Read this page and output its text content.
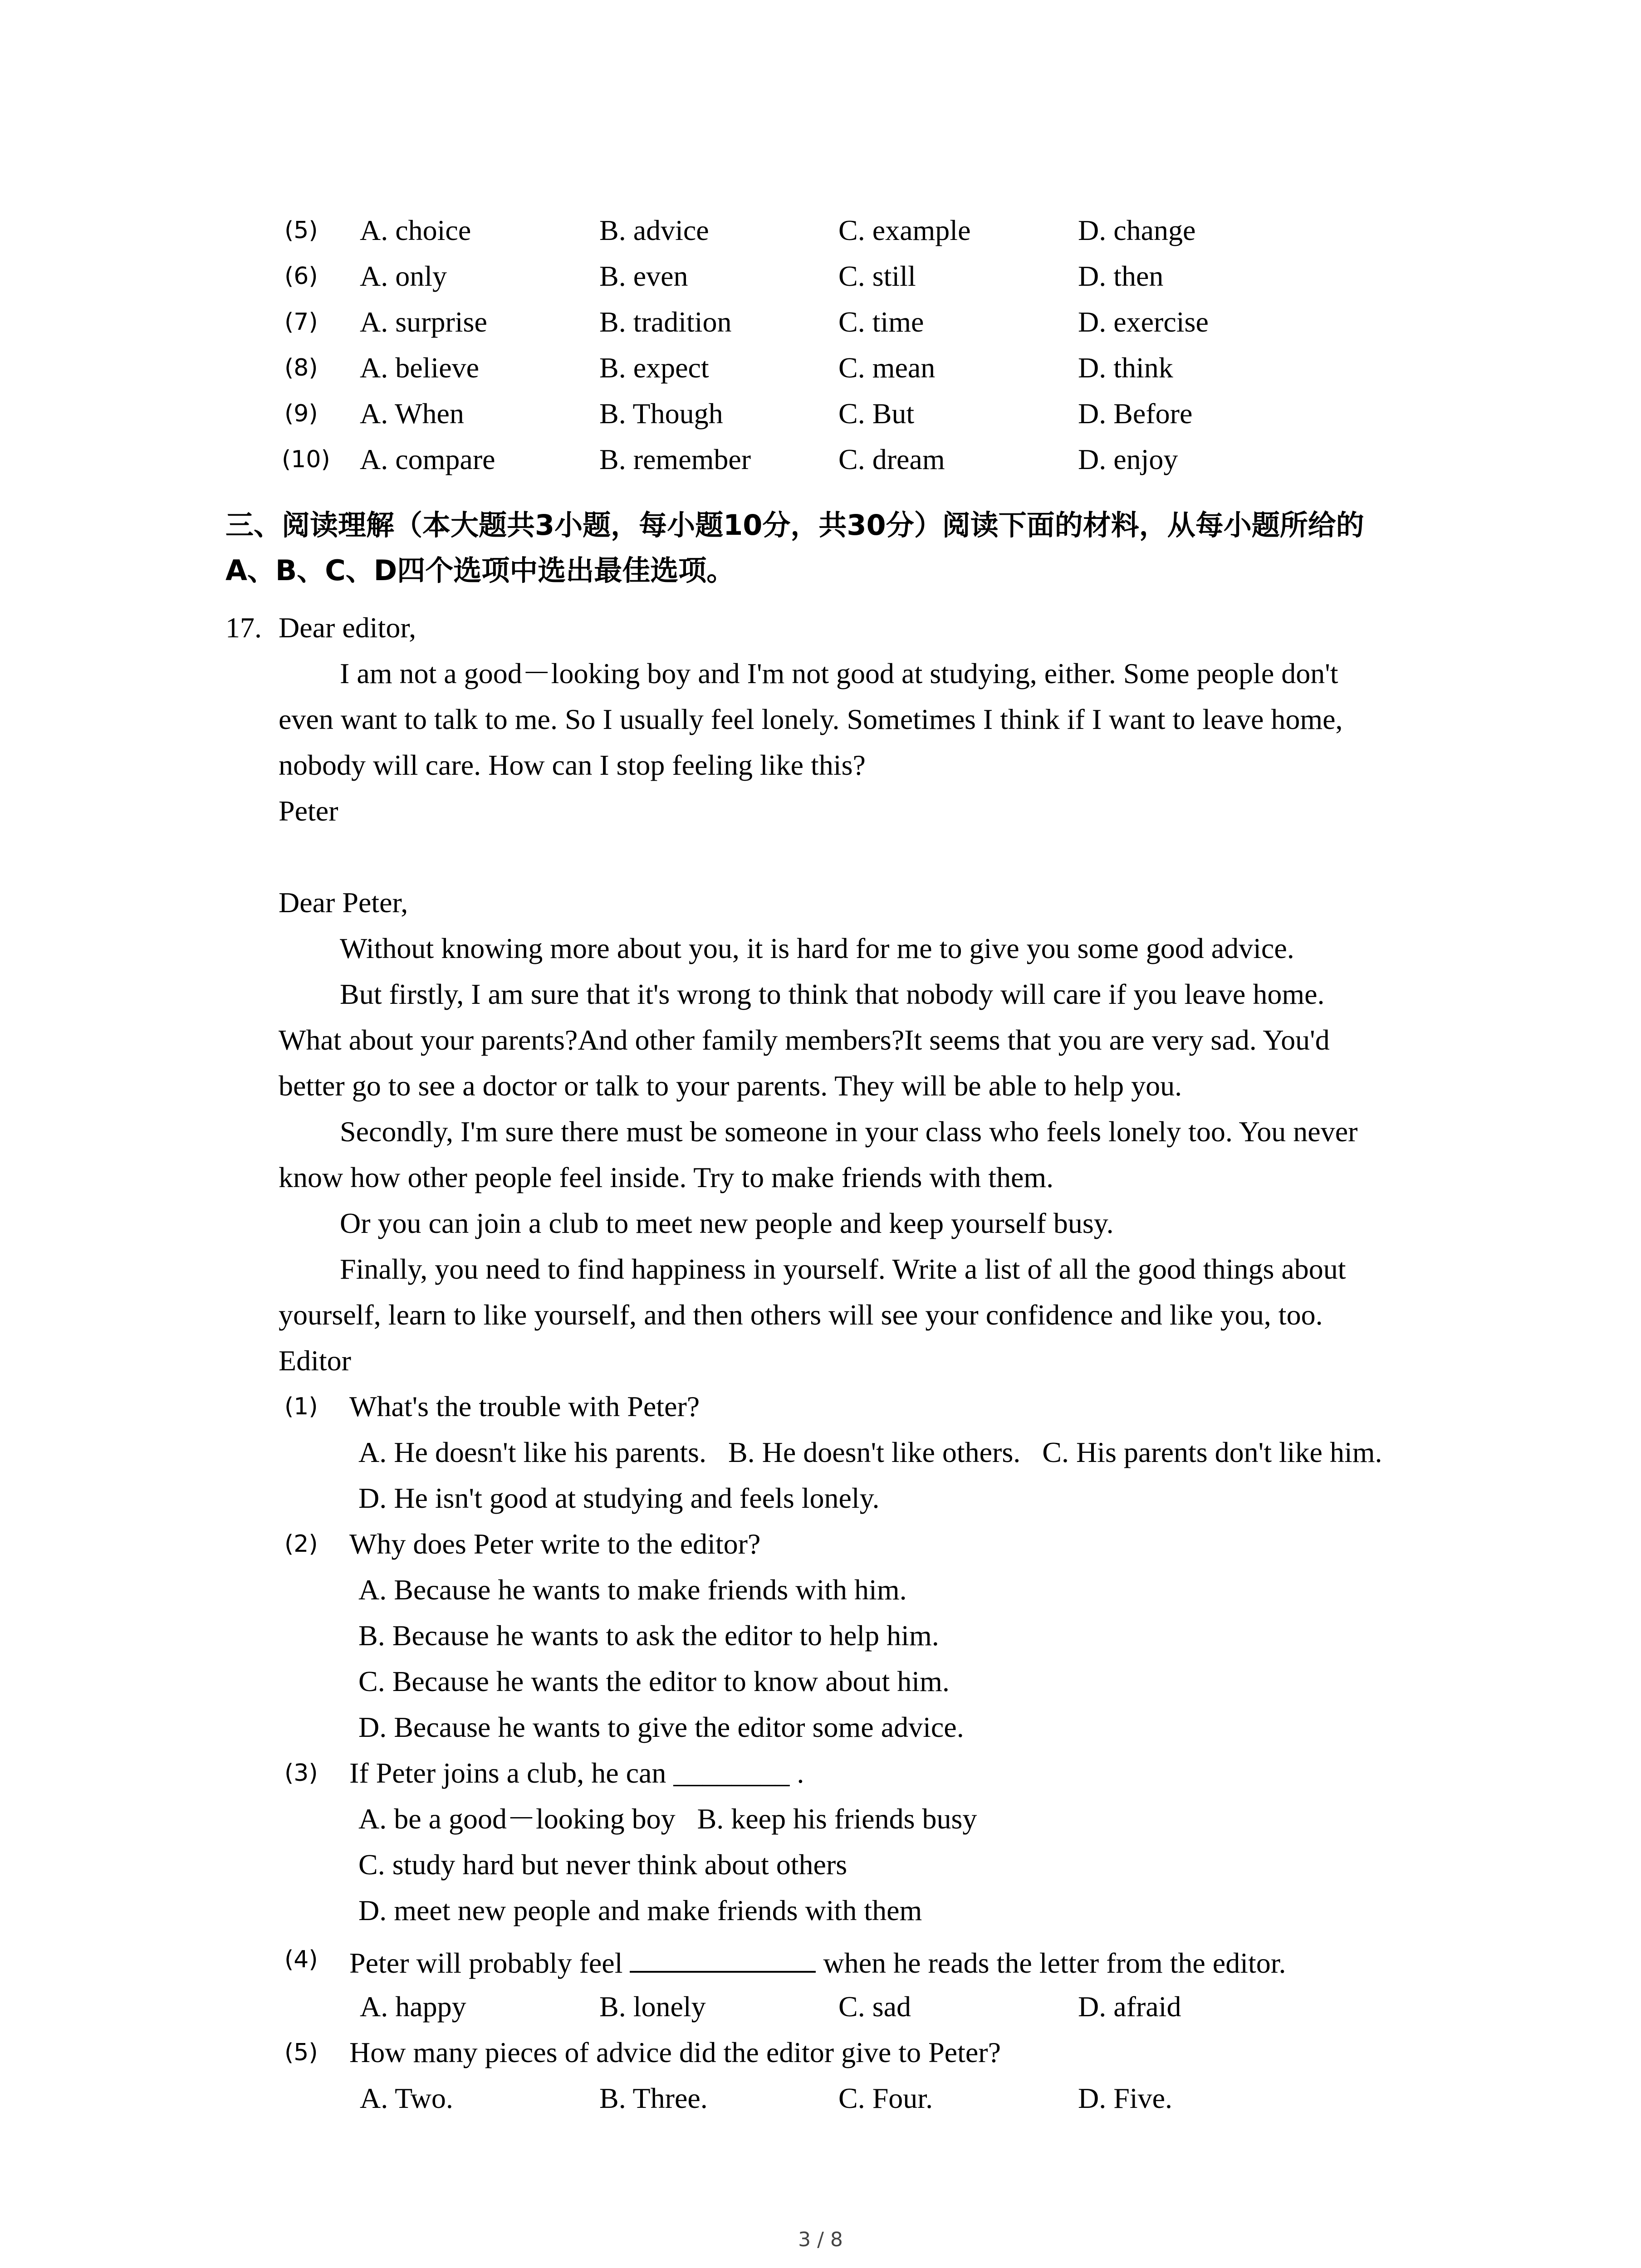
(5) A. choice	B. advice	C. example	D. change
(6) A. only	B. even	C. still	D. then
(7) A. surprise	B. tradition	C. time	D. exercise
(8) A. believe	B. expect	C. mean	D. think
(9) A. When	B. Though	C. But	D. Before
(10) A. compare	B. remember	C. dream	D. enjoy
三、阅读理解（本大题共3小题，每小题10分，共30分）阅读下面的材料，从每小题所给的
A、B、C、D四个选项中选出最佳选项。
17. Dear editor,
I am not a good－looking boy and I'm not good at studying, either. Some people don't
even want to talk to me. So I usually feel lonely. Sometimes I think if I want to leave home,
nobody will care. How can I stop feeling like this?
Peter
Dear Peter,
Without knowing more about you, it is hard for me to give you some good advice.
But firstly, I am sure that it's wrong to think that nobody will care if you leave home.
What about your parents?And other family members?It seems that you are very sad. You'd
better go to see a doctor or talk to your parents. They will be able to help you.
Secondly, I'm sure there must be someone in your class who feels lonely too. You never
know how other people feel inside. Try to make friends with them.
Or you can join a club to meet new people and keep yourself busy.
Finally, you need to find happiness in yourself. Write a list of all the good things about
yourself, learn to like yourself, and then others will see your confidence and like you, too.
Editor
(1) What's the trouble with Peter?
A. He doesn't like his parents.   B. He doesn't like others.   C. His parents don't like him.
D. He isn't good at studying and feels lonely.
(2) Why does Peter write to the editor?
A. Because he wants to make friends with him.
B. Because he wants to ask the editor to help him.
C. Because he wants the editor to know about him.
D. Because he wants to give the editor some advice.
(3) If Peter joins a club, he can ________ .
A. be a good－looking boy   B. keep his friends busy
C. study hard but never think about others
D. meet new people and make friends with them
(4) Peter will probably feel	when he reads the letter from the editor.
A. happy	B. lonely	C. sad	D. afraid
(5) How many pieces of advice did the editor give to Peter?
A. Two.	B. Three.	C. Four.	D. Five.
3 / 8
